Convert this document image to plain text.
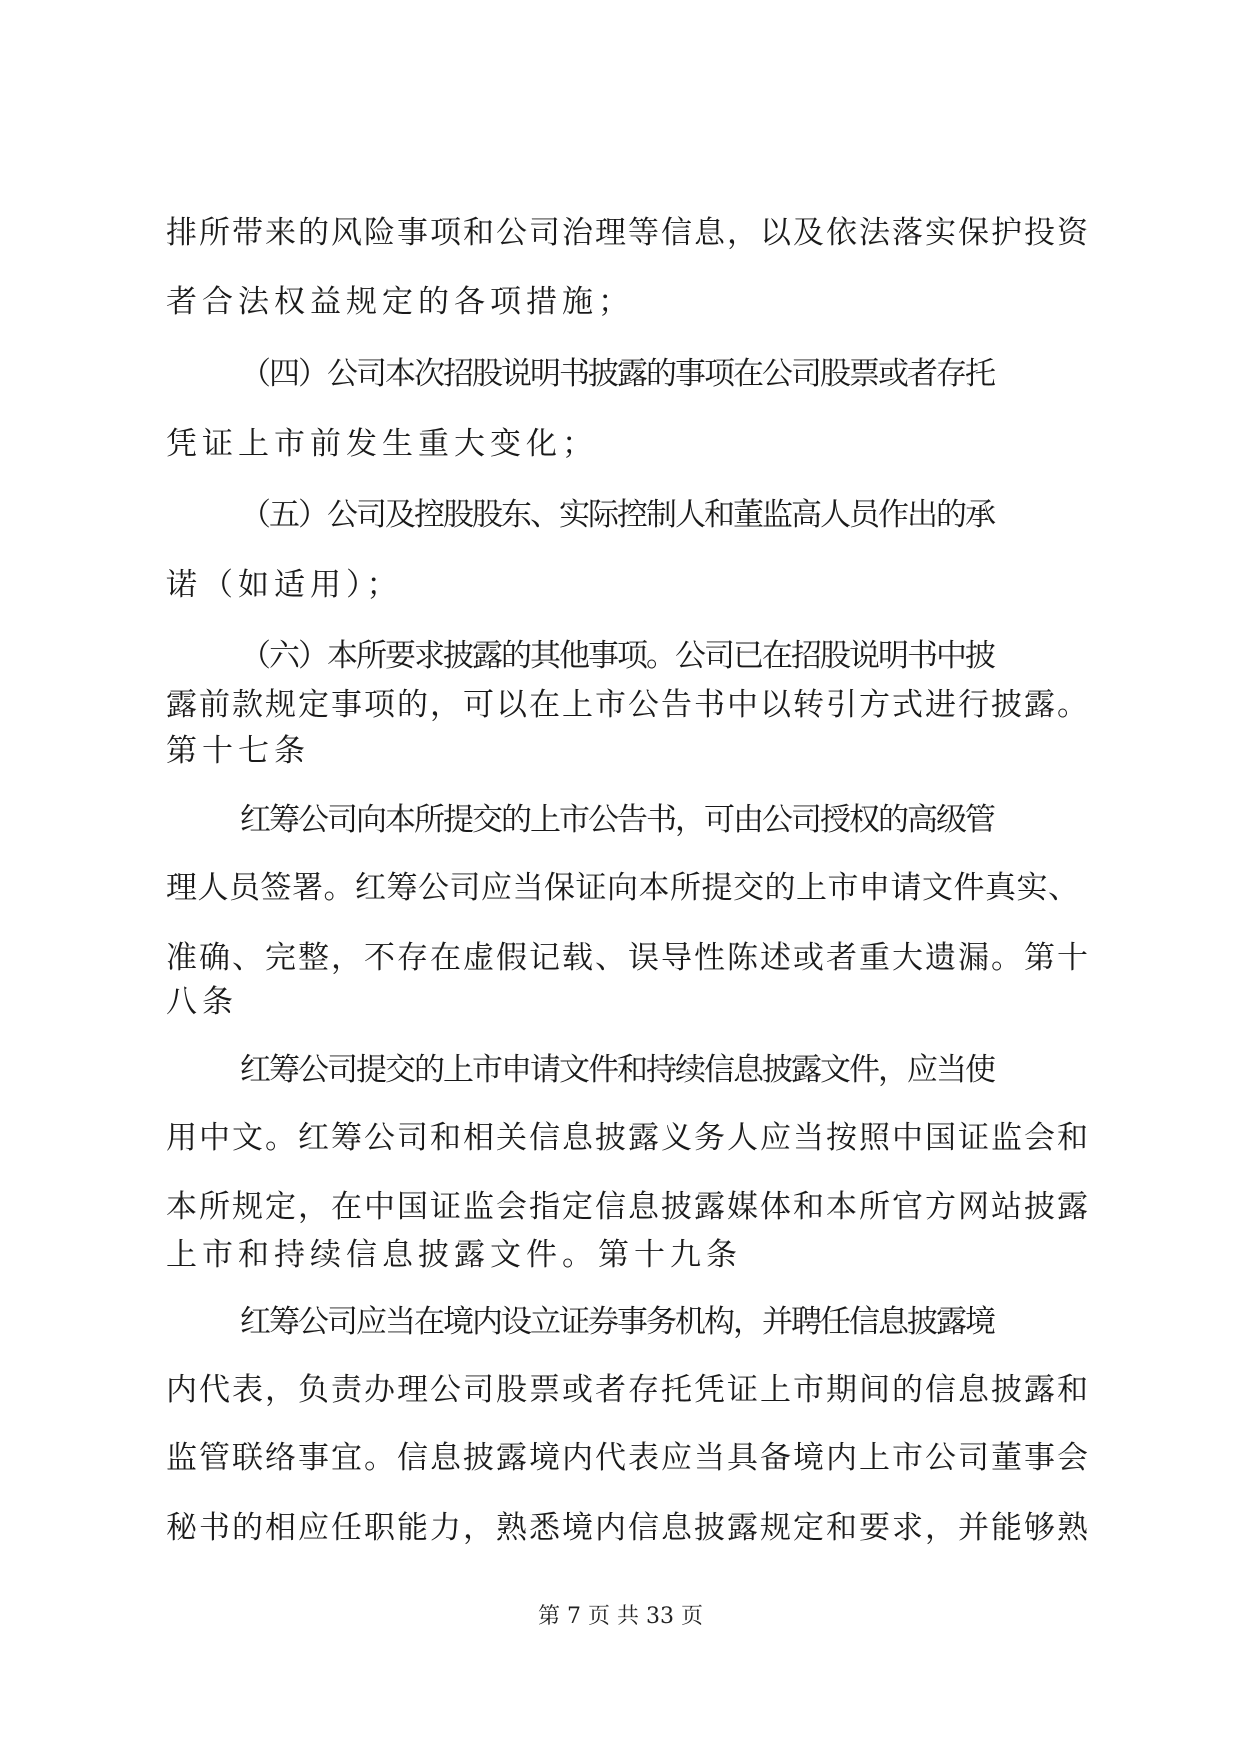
排所带来的风险事项和公司治理等信息，以及依法落实保护投资
者合法权益规定的各项措施；
（四）公司本次招股说明书披露的事项在公司股票或者存托
凭证上市前发生重大变化；
（五）公司及控股股东、实际控制人和董监高人员作出的承
诺（如适用）；
（六）本所要求披露的其他事项。公司已在招股说明书中披
露前款规定事项的，可以在上市公告书中以转引方式进行披露。
第十七条
红筹公司向本所提交的上市公告书，可由公司授权的高级管
理人员签署。红筹公司应当保证向本所提交的上市申请文件真实、
准确、完整，不存在虚假记载、误导性陈述或者重大遗漏。第十
八条
红筹公司提交的上市申请文件和持续信息披露文件，应当使
用中文。红筹公司和相关信息披露义务人应当按照中国证监会和
本所规定，在中国证监会指定信息披露媒体和本所官方网站披露
上市和持续信息披露文件。第十九条
红筹公司应当在境内设立证券事务机构，并聘任信息披露境
内代表，负责办理公司股票或者存托凭证上市期间的信息披露和
监管联络事宜。信息披露境内代表应当具备境内上市公司董事会
秘书的相应任职能力，熟悉境内信息披露规定和要求，并能够熟
第 7 页 共 33 页
